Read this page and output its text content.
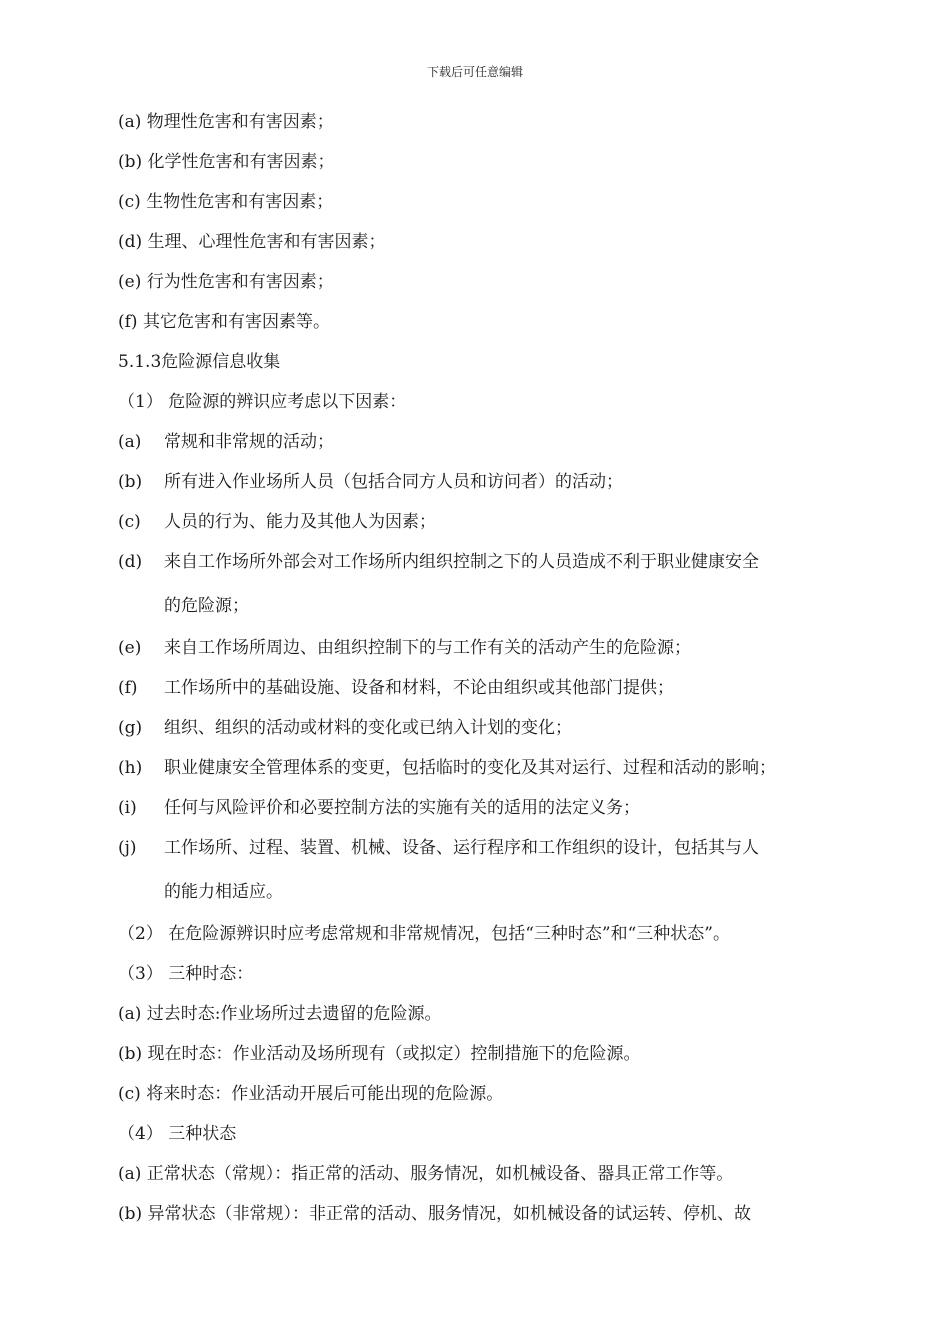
下载后可任意编辑
(a) 物理性危害和有害因素；
(b) 化学性危害和有害因素；
(c) 生物性危害和有害因素；
(d) 生理、心理性危害和有害因素；
(e) 行为性危害和有害因素；
(f) 其它危害和有害因素等。
5.1.3危险源信息收集
（1） 危险源的辨识应考虑以下因素：
(a) 常规和非常规的活动；
(b) 所有进入作业场所人员（包括合同方人员和访问者）的活动；
(c) 人员的行为、能力及其他人为因素；
(d) 来自工作场所外部会对工作场所内组织控制之下的人员造成不利于职业健康安全
的危险源；
(e) 来自工作场所周边、由组织控制下的与工作有关的活动产生的危险源；
(f) 工作场所中的基础设施、设备和材料，不论由组织或其他部门提供；
(g) 组织、组织的活动或材料的变化或已纳入计划的变化；
(h) 职业健康安全管理体系的变更，包括临时的变化及其对运行、过程和活动的影响；
(i) 任何与风险评价和必要控制方法的实施有关的适用的法定义务；
(j) 工作场所、过程、装置、机械、设备、运行程序和工作组织的设计，包括其与人
的能力相适应。
（2） 在危险源辨识时应考虑常规和非常规情况，包括“三种时态”和“三种状态”。
（3） 三种时态：
(a) 过去时态:作业场所过去遗留的危险源。
(b) 现在时态：作业活动及场所现有（或拟定）控制措施下的危险源。
(c) 将来时态：作业活动开展后可能出现的危险源。
（4） 三种状态
(a) 正常状态（常规）：指正常的活动、服务情况，如机械设备、器具正常工作等。
(b) 异常状态（非常规）：非正常的活动、服务情况，如机械设备的试运转、停机、故
